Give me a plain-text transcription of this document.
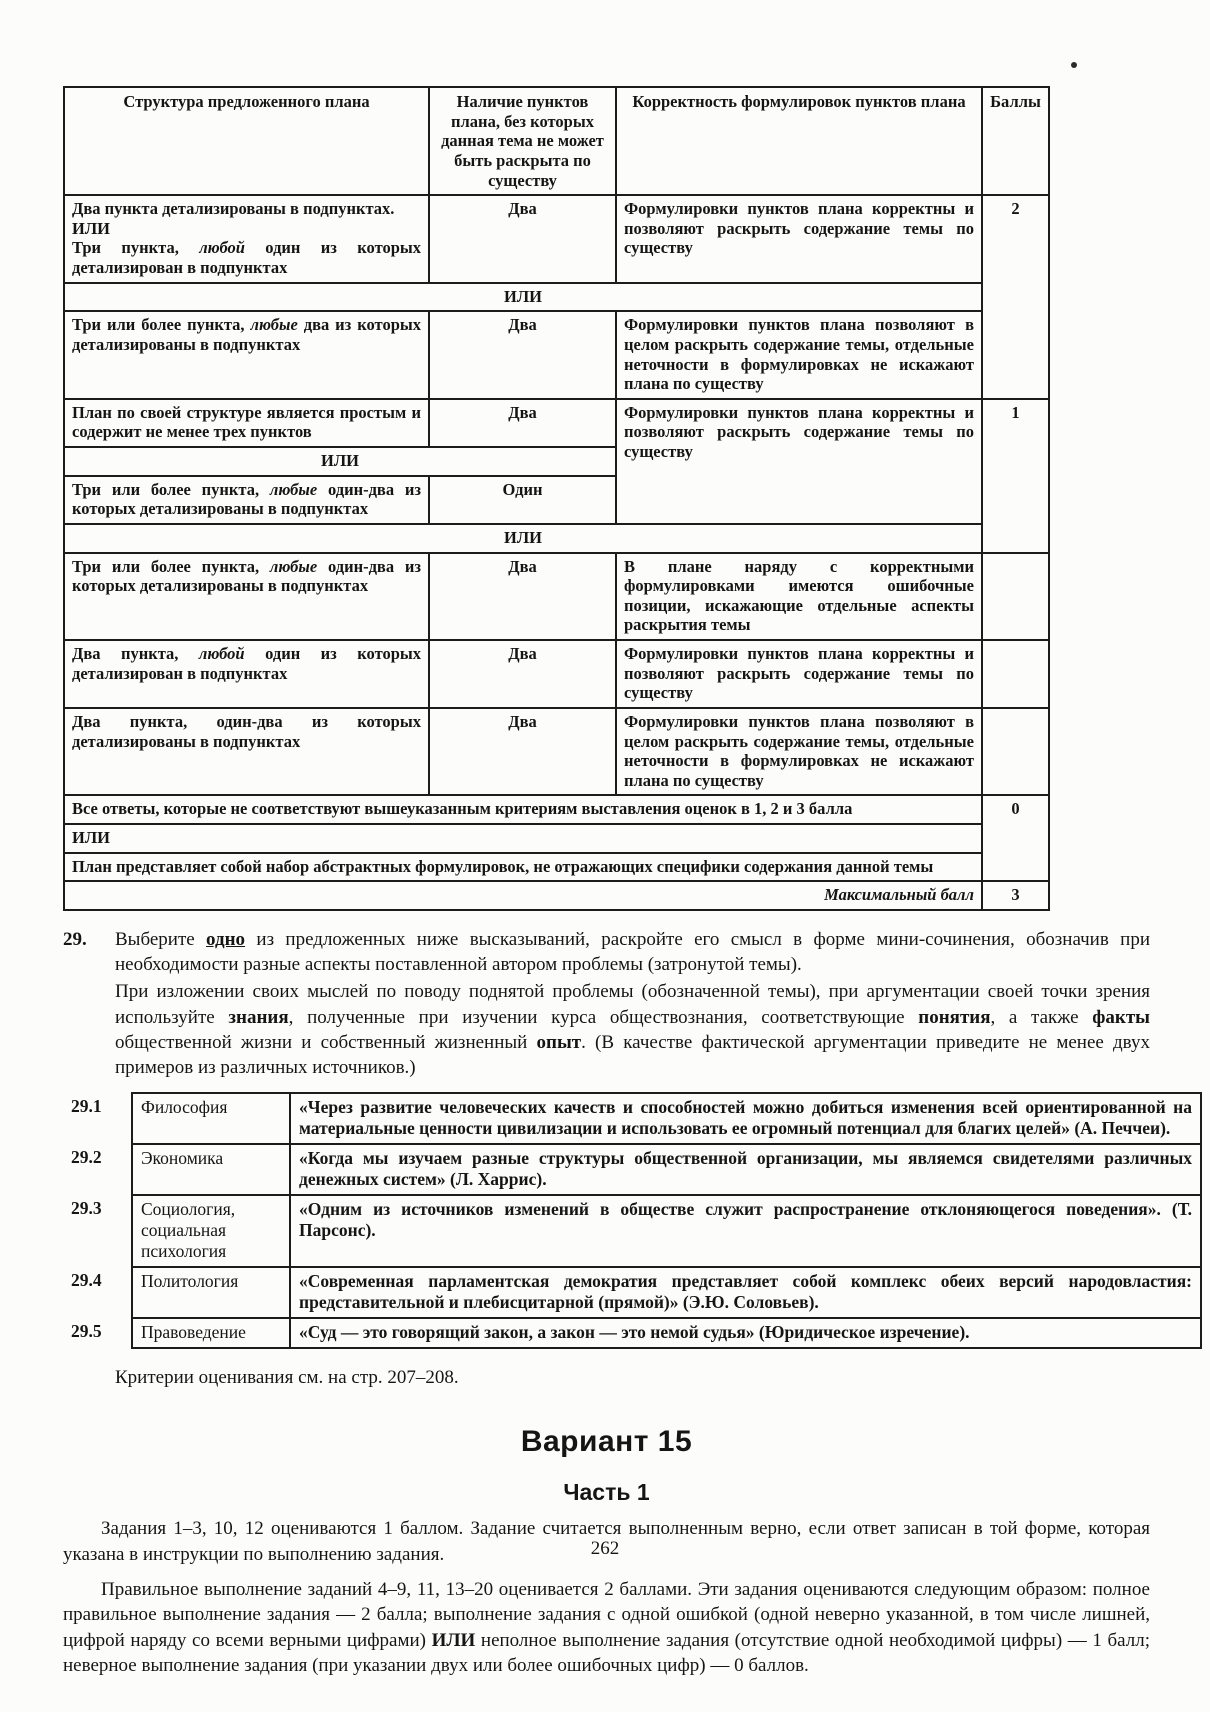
Структура предложенного плана	Наличие пунктов плана, без которых данная тема не может быть раскрыта по существу	Корректность формулировок пунктов плана	Баллы
Два пункта детализированы в подпунктах.
ИЛИ
Три пункта, любой один из которых детализирован в подпунктах	Два	Формулировки пунктов плана корректны и позволяют раскрыть содержание темы по существу	2
ИЛИ			
Три или более пункта, любые два из которых детализированы в подпунктах	Два	Формулировки пунктов плана позволяют в целом раскрыть содержание темы, отдельные неточности в формулировках не искажают плана по существу	
План по своей структуре является простым и содержит не менее трех пунктов	Два	Формулировки пунктов плана корректны и позволяют раскрыть содержание темы по существу	1
ИЛИ			
Три или более пункта, любые один-два из которых детализированы в подпунктах	Один		
ИЛИ			
Три или более пункта, любые один-два из которых детализированы в подпунктах	Два	В плане наряду с корректными формулировками имеются ошибочные позиции, искажающие отдельные аспекты раскрытия темы	
Два пункта, любой один из которых детализирован в подпунктах	Два	Формулировки пунктов плана корректны и позволяют раскрыть содержание темы по существу	
Два пункта, один-два из которых детализированы в подпунктах	Два	Формулировки пунктов плана позволяют в целом раскрыть содержание темы, отдельные неточности в формулировках не искажают плана по существу	
Все ответы, которые не соответствуют вышеуказанным критериям выставления оценок в 1, 2 и 3 балла			0
ИЛИ			
План представляет собой набор абстрактных формулировок, не отражающих специфики содержания данной темы			
Максимальный балл			3
29. Выберите одно из предложенных ниже высказываний, раскройте его смысл в форме мини-сочинения, обозначив при необходимости разные аспекты поставленной автором проблемы (затронутой темы).

При изложении своих мыслей по поводу поднятой проблемы (обозначенной темы), при аргументации своей точки зрения используйте знания, полученные при изучении курса обществознания, соответствующие понятия, а также факты общественной жизни и собственный жизненный опыт. (В качестве фактической аргументации приведите не менее двух примеров из различных источников.)

29.1	Философия	«Через развитие человеческих качеств и способностей можно добиться изменения всей ориентированной на материальные ценности цивилизации и использовать ее огромный потенциал для благих целей» (А. Печчеи).
29.2	Экономика	«Когда мы изучаем разные структуры общественной организации, мы являемся свидетелями различных денежных систем» (Л. Харрис).
29.3	Социология, социальная психология	«Одним из источников изменений в обществе служит распространение отклоняющегося поведения». (Т. Парсонс).
29.4	Политология	«Современная парламентская демократия представляет собой комплекс обеих версий народовластия: представительной и плебисцитарной (прямой)» (Э.Ю. Соловьев).
29.5	Правоведение	«Суд — это говорящий закон, а закон — это немой судья» (Юридическое изречение).

Критерии оценивания см. на стр. 207–208.

Вариант 15
Часть 1

Задания 1–3, 10, 12 оцениваются 1 баллом. Задание считается выполненным верно, если ответ записан в той форме, которая указана в инструкции по выполнению задания.

Правильное выполнение заданий 4–9, 11, 13–20 оценивается 2 баллами. Эти задания оцениваются следующим образом: полное правильное выполнение задания — 2 балла; выполнение задания с одной ошибкой (одной неверно указанной, в том числе лишней, цифрой наряду со всеми верными цифрами) ИЛИ неполное выполнение задания (отсутствие одной необходимой цифры) — 1 балл; неверное выполнение задания (при указании двух или более ошибочных цифр) — 0 баллов.

262
